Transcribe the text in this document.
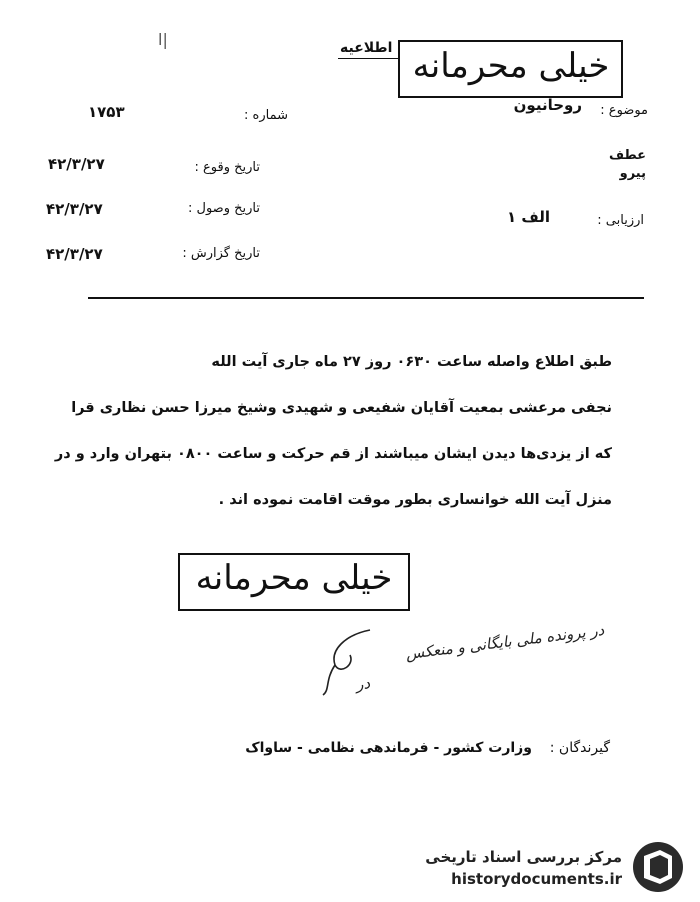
l|
خیلی محرمانه
اطلاعیه
موضوع :
روحانیون
عطف
پیرو
ارزیابی :
الف ۱
شماره :
۱۷۵۳
تاریخ وقوع :
۴۲/۳/۲۷
تاریخ وصول :
۴۲/۳/۲۷
تاریخ گزارش :
۴۲/۳/۲۷
طبق اطلاع واصله ساعت ۰۶۳۰ روز ۲۷ ماه جاری آیت الله
نجفی مرعشی بمعیت آقایان شفیعی و شهیدی وشیخ میرزا حسن نظاری قرا
که از یزدی‌ها دیدن ایشان میباشند از قم حرکت و ساعت ۰۸۰۰ بتهران وارد و در
منزل آیت الله خوانساری بطور موقت اقامت نموده اند .
خیلی محرمانه
در پرونده ملی بایگانی و منعکس
در
گیرندگان :    وزارت کشور - فرماندهی نظامی - ساواک
مرکز بررسی اسناد تاریخی
historydocuments.ir
